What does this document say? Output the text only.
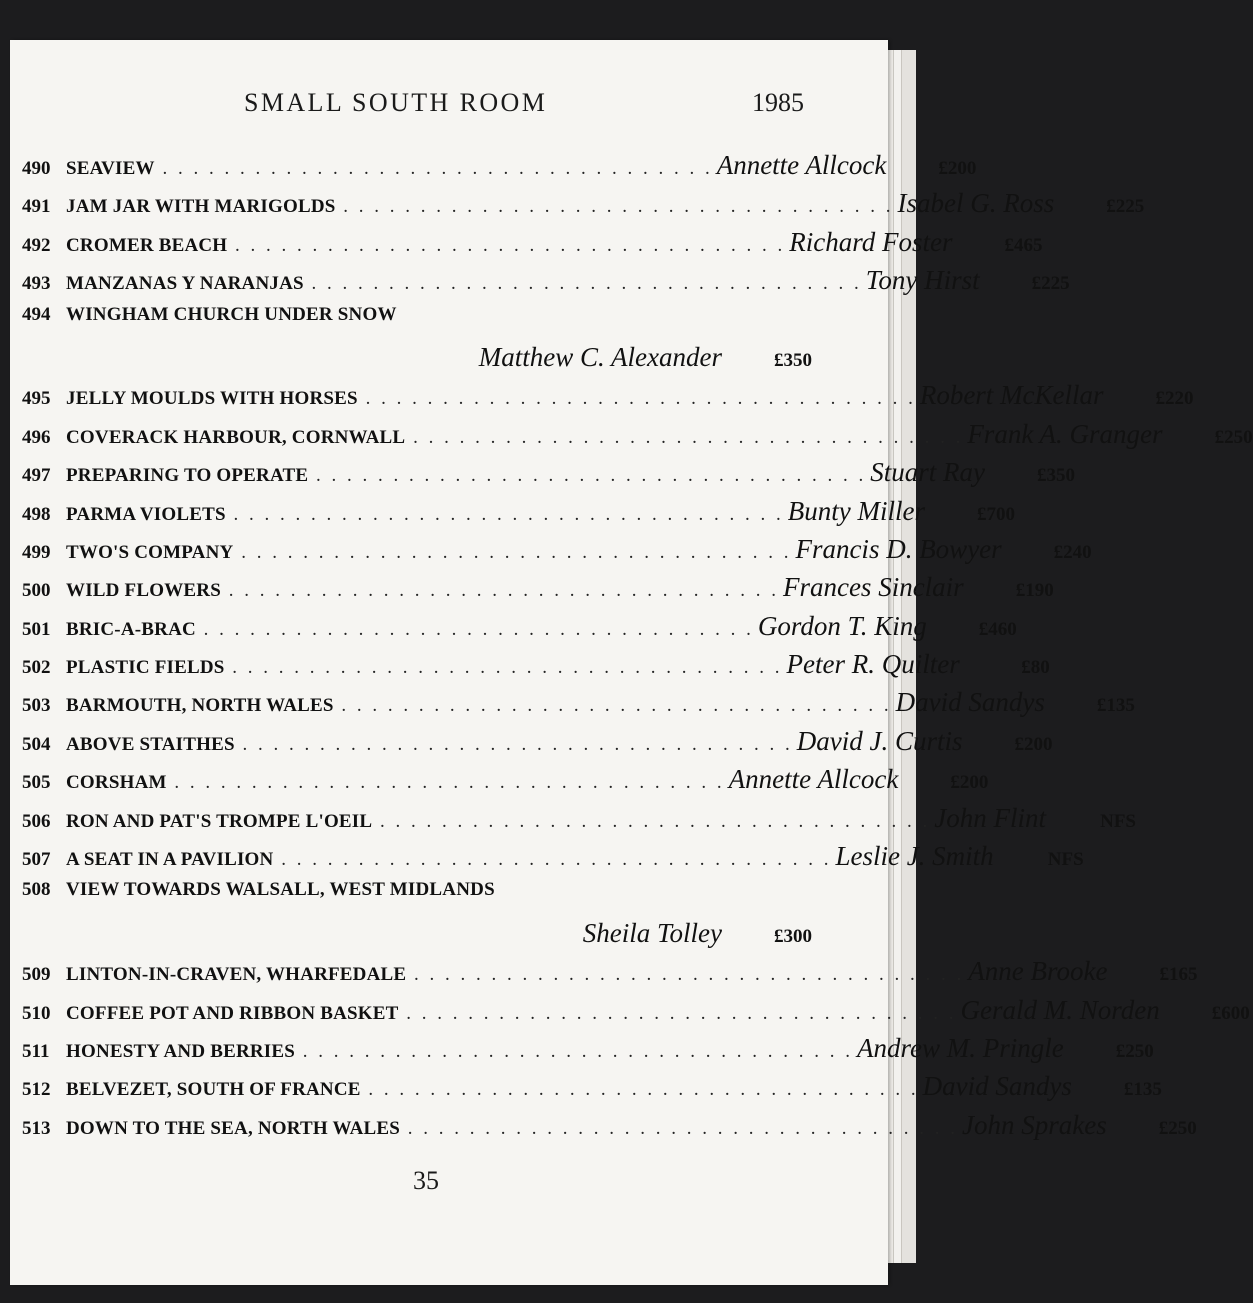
SMALL SOUTH ROOM	1985
490 SEAVIEW . . . . . . . . . . . . . . . . . . . . . . . . . . . . . . . . . . . . Annette Allcock	£200
491 JAM JAR WITH MARIGOLDS . . . . . . . . . . . . . . . . . . . . . . . . . . . . . . . . . . . . Isabel G. Ross	£225
492 CROMER BEACH . . . . . . . . . . . . . . . . . . . . . . . . . . . . . . . . . . . . Richard Foster	£465
493 MANZANAS Y NARANJAS . . . . . . . . . . . . . . . . . . . . . . . . . . . . . . . . . . . . Tony Hirst	£225
494 WINGHAM CHURCH UNDER SNOW
Matthew C. Alexander	£350
495 JELLY MOULDS WITH HORSES . . . . . . . . . . . . . . . . . . . . . . . . . . . . . . . . . . . . Robert McKellar	£220
496 COVERACK HARBOUR, CORNWALL . . . . . . . . . . . . . . . . . . . . . . . . . . . . . . . . . . . . Frank A. Granger	£250
497 PREPARING TO OPERATE . . . . . . . . . . . . . . . . . . . . . . . . . . . . . . . . . . . . Stuart Ray	£350
498 PARMA VIOLETS . . . . . . . . . . . . . . . . . . . . . . . . . . . . . . . . . . . . Bunty Miller	£700
499 TWO'S COMPANY . . . . . . . . . . . . . . . . . . . . . . . . . . . . . . . . . . . . Francis D. Bowyer	£240
500 WILD FLOWERS . . . . . . . . . . . . . . . . . . . . . . . . . . . . . . . . . . . . Frances Sinclair	£190
501 BRIC-A-BRAC . . . . . . . . . . . . . . . . . . . . . . . . . . . . . . . . . . . . Gordon T. King	£460
502 PLASTIC FIELDS . . . . . . . . . . . . . . . . . . . . . . . . . . . . . . . . . . . . Peter R. Quilter	£80
503 BARMOUTH, NORTH WALES . . . . . . . . . . . . . . . . . . . . . . . . . . . . . . . . . . . . David Sandys	£135
504 ABOVE STAITHES . . . . . . . . . . . . . . . . . . . . . . . . . . . . . . . . . . . . David J. Curtis	£200
505 CORSHAM . . . . . . . . . . . . . . . . . . . . . . . . . . . . . . . . . . . . Annette Allcock	£200
506 RON AND PAT'S TROMPE L'OEIL . . . . . . . . . . . . . . . . . . . . . . . . . . . . . . . . . . . . John Flint	NFS
507 A SEAT IN A PAVILION . . . . . . . . . . . . . . . . . . . . . . . . . . . . . . . . . . . . Leslie J. Smith	NFS
508 VIEW TOWARDS WALSALL, WEST MIDLANDS
Sheila Tolley	£300
509 LINTON-IN-CRAVEN, WHARFEDALE . . . . . . . . . . . . . . . . . . . . . . . . . . . . . . . . . . . . Anne Brooke	£165
510 COFFEE POT AND RIBBON BASKET . . . . . . . . . . . . . . . . . . . . . . . . . . . . . . . . . . . . Gerald M. Norden	£600
511 HONESTY AND BERRIES . . . . . . . . . . . . . . . . . . . . . . . . . . . . . . . . . . . . Andrew M. Pringle	£250
512 BELVEZET, SOUTH OF FRANCE . . . . . . . . . . . . . . . . . . . . . . . . . . . . . . . . . . . . David Sandys	£135
513 DOWN TO THE SEA, NORTH WALES . . . . . . . . . . . . . . . . . . . . . . . . . . . . . . . . . . . . John Sprakes	£250
35
